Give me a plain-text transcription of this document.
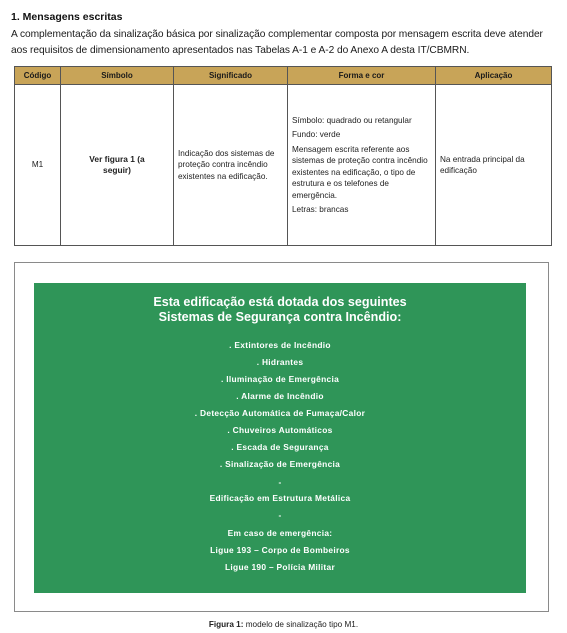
1. Mensagens escritas
A complementação da sinalização básica por sinalização complementar composta por mensagem escrita deve atender aos requisitos de dimensionamento apresentados nas Tabelas A-1 e A-2 do Anexo A desta IT/CBMRN.
Código	Símbolo	Significado	Forma e cor	Aplicação
M1	Ver figura 1 (a seguir)	Indicação dos sistemas de proteção contra incêndio existentes na edificação.	Símbolo: quadrado ou retangular

Fundo: verde

Mensagem escrita referente aos sistemas de proteção contra incêndio existentes na edificação, o tipo de estrutura e os telefones de emergência.

Letras: brancas	Na entrada principal da edificação
Esta edificação está dotada dos seguintes
Sistemas de Segurança contra Incêndio:
. Extintores de Incêndio
. Hidrantes
. Iluminação de Emergência
. Alarme de Incêndio
. Detecção Automática de Fumaça/Calor
. Chuveiros Automáticos
. Escada de Segurança
. Sinalização de Emergência
-
Edificação em Estrutura Metálica
-
Em caso de emergência:
Ligue 193 – Corpo de Bombeiros
Ligue 190 – Polícia Militar
Figura 1: modelo de sinalização tipo M1.
